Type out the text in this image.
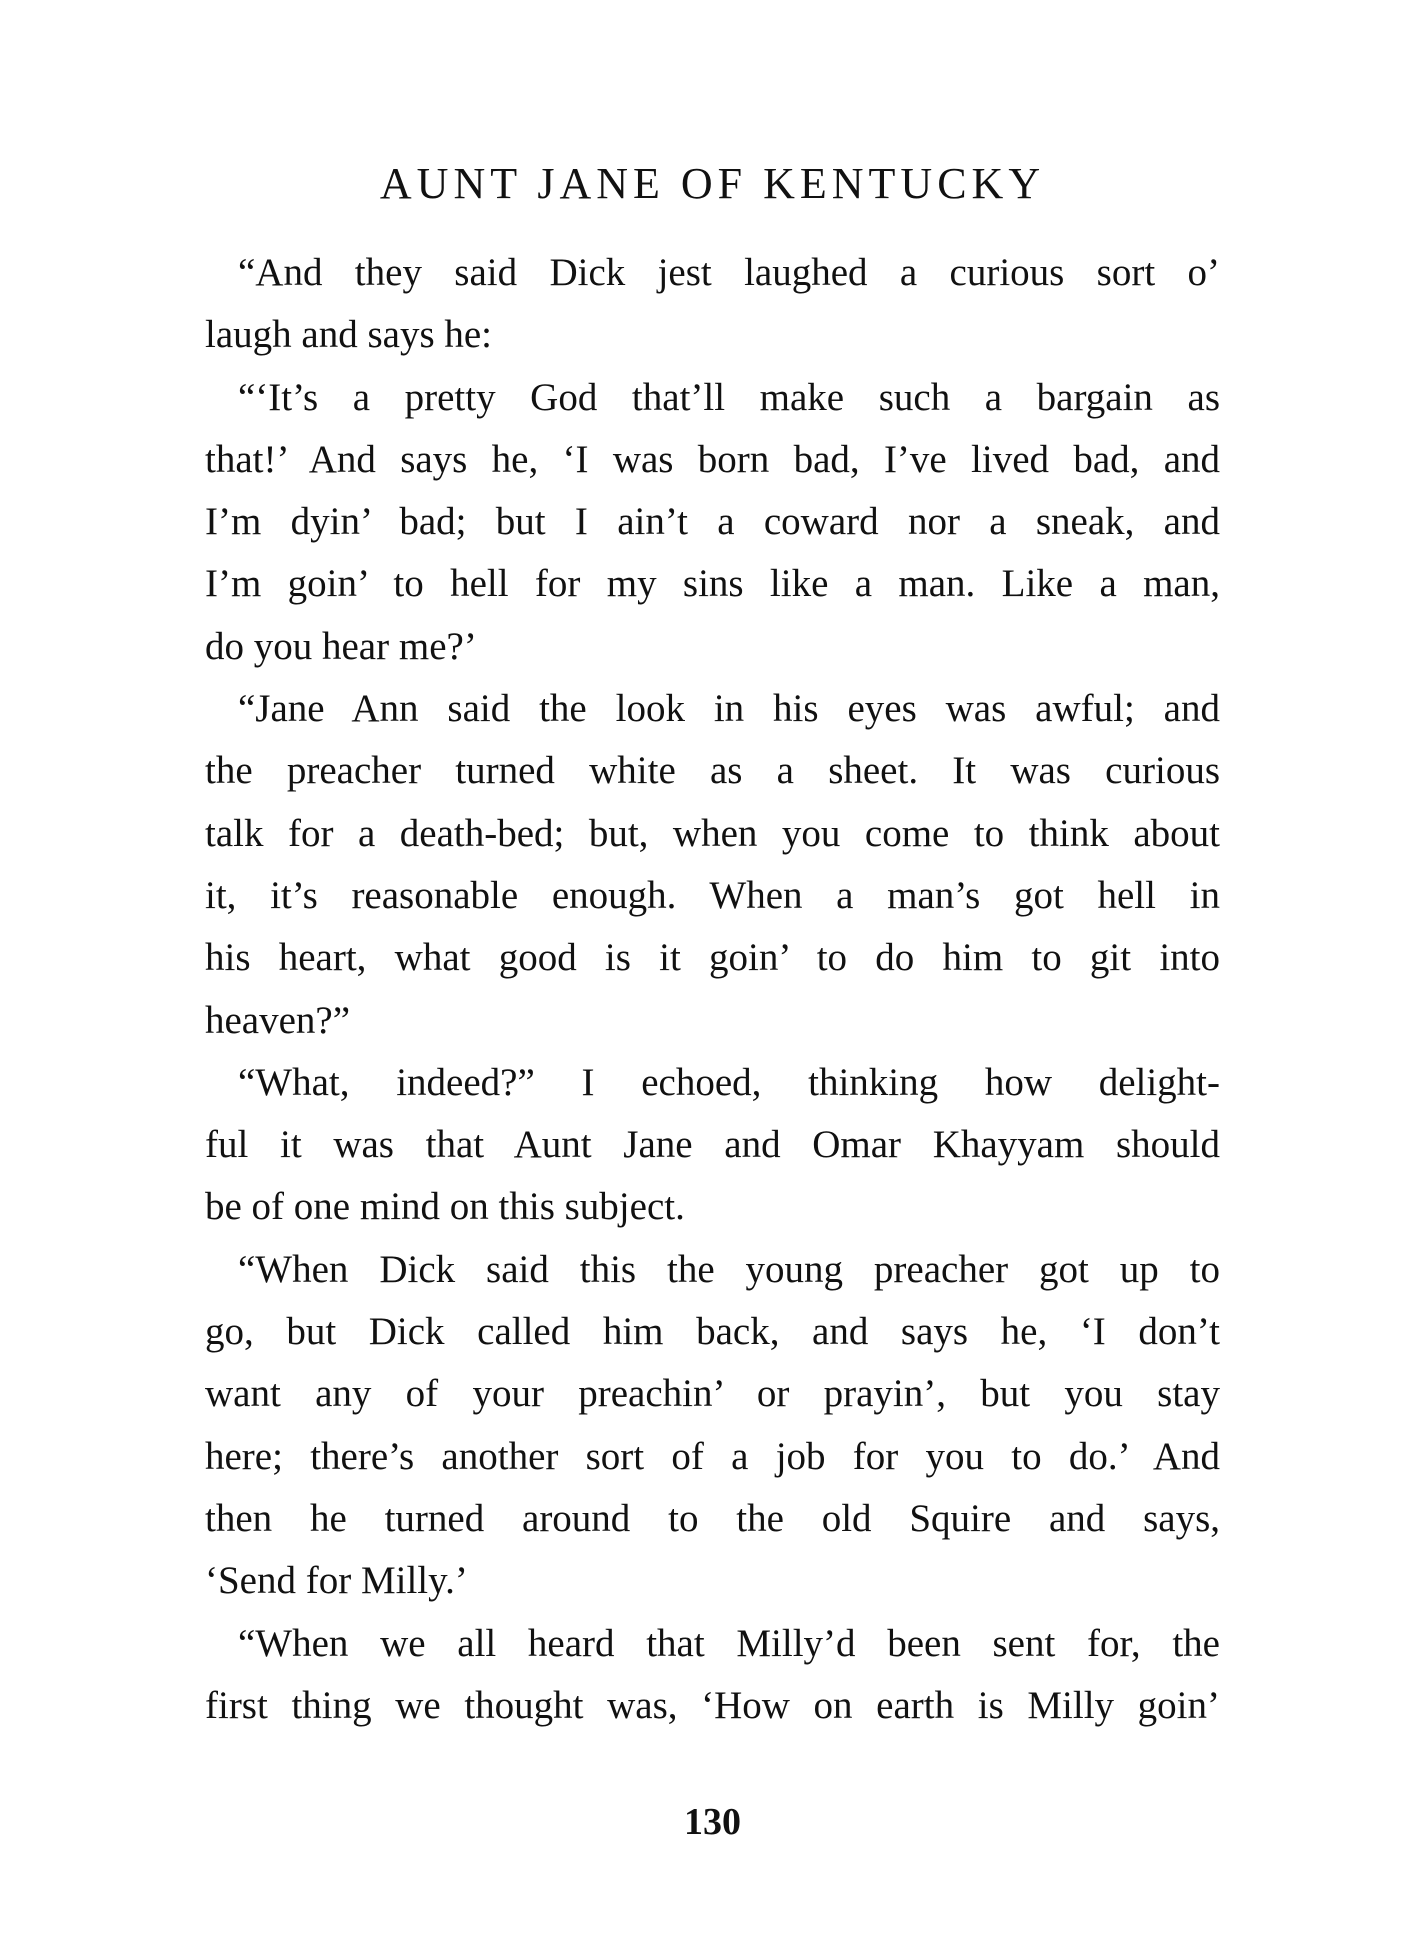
AUNT JANE OF KENTUCKY
“And they said Dick jest laughed a curious sort o’
laugh and says he:
“‘It’s a pretty God that’ll make such a bargain as
that!’ And says he, ‘I was born bad, I’ve lived bad, and
I’m dyin’ bad; but I ain’t a coward nor a sneak, and
I’m goin’ to hell for my sins like a man. Like a man,
do you hear me?’
“Jane Ann said the look in his eyes was awful; and
the preacher turned white as a sheet. It was curious
talk for a death-bed; but, when you come to think about
it, it’s reasonable enough. When a man’s got hell in
his heart, what good is it goin’ to do him to git into
heaven?”
“What, indeed?” I echoed, thinking how delight-
ful it was that Aunt Jane and Omar Khayyam should
be of one mind on this subject.
“When Dick said this the young preacher got up to
go, but Dick called him back, and says he, ‘I don’t
want any of your preachin’ or prayin’, but you stay
here; there’s another sort of a job for you to do.’ And
then he turned around to the old Squire and says,
‘Send for Milly.’
“When we all heard that Milly’d been sent for, the
first thing we thought was, ‘How on earth is Milly goin’
130
